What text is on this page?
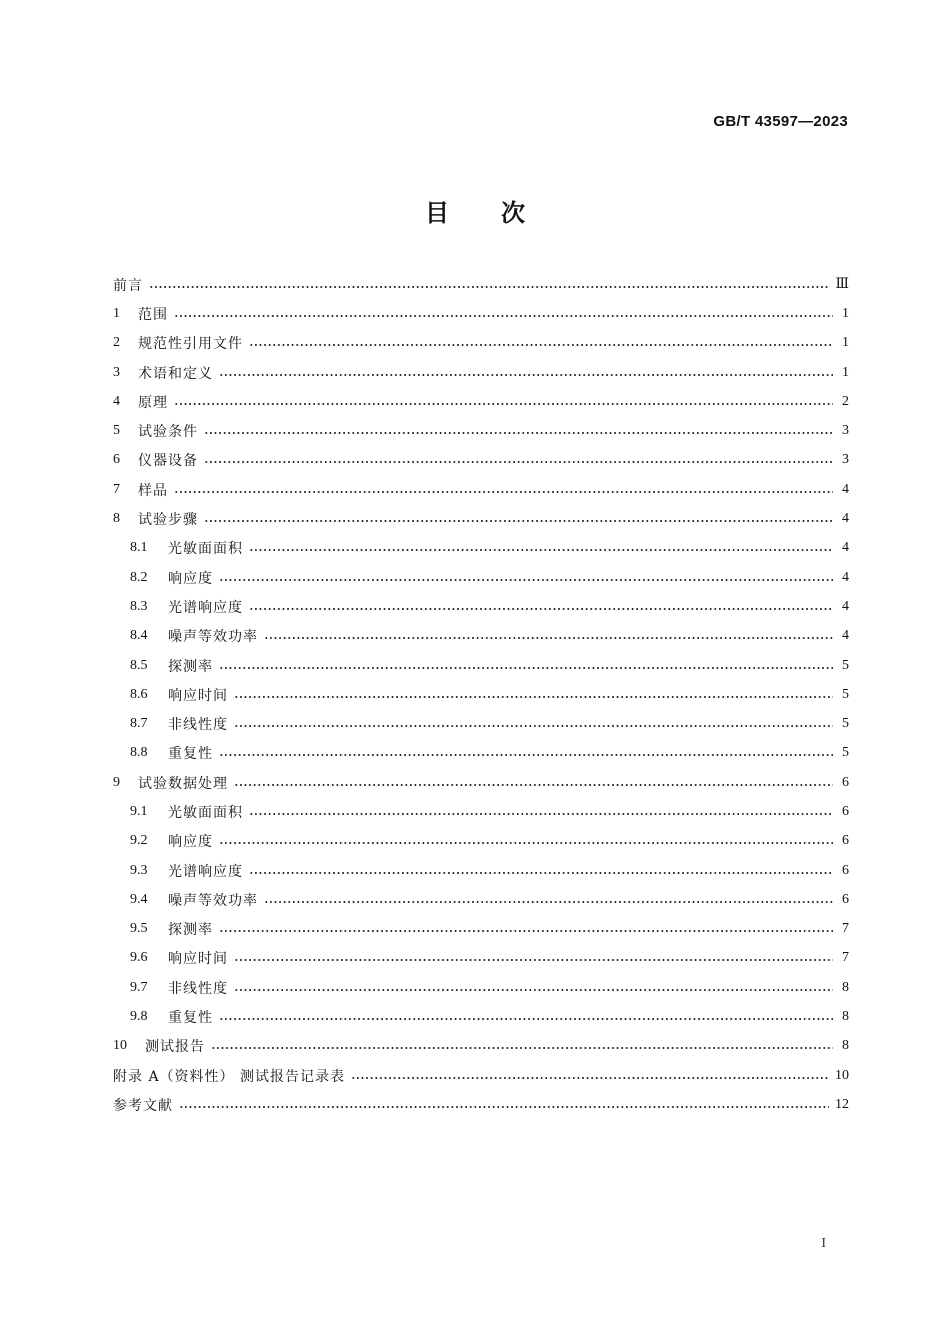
GB/T 43597—2023
目 次
前言	Ⅲ
1	范围	1
2	规范性引用文件	1
3	术语和定义	1
4	原理	2
5	试验条件	3
6	仪器设备	3
7	样品	4
8	试验步骤	4
8.1	光敏面面积	4
8.2	响应度	4
8.3	光谱响应度	4
8.4	噪声等效功率	4
8.5	探测率	5
8.6	响应时间	5
8.7	非线性度	5
8.8	重复性	5
9	试验数据处理	6
9.1	光敏面面积	6
9.2	响应度	6
9.3	光谱响应度	6
9.4	噪声等效功率	6
9.5	探测率	7
9.6	响应时间	7
9.7	非线性度	8
9.8	重复性	8
10	测试报告	8
附录 A（资料性） 测试报告记录表	10
参考文献	12
I
